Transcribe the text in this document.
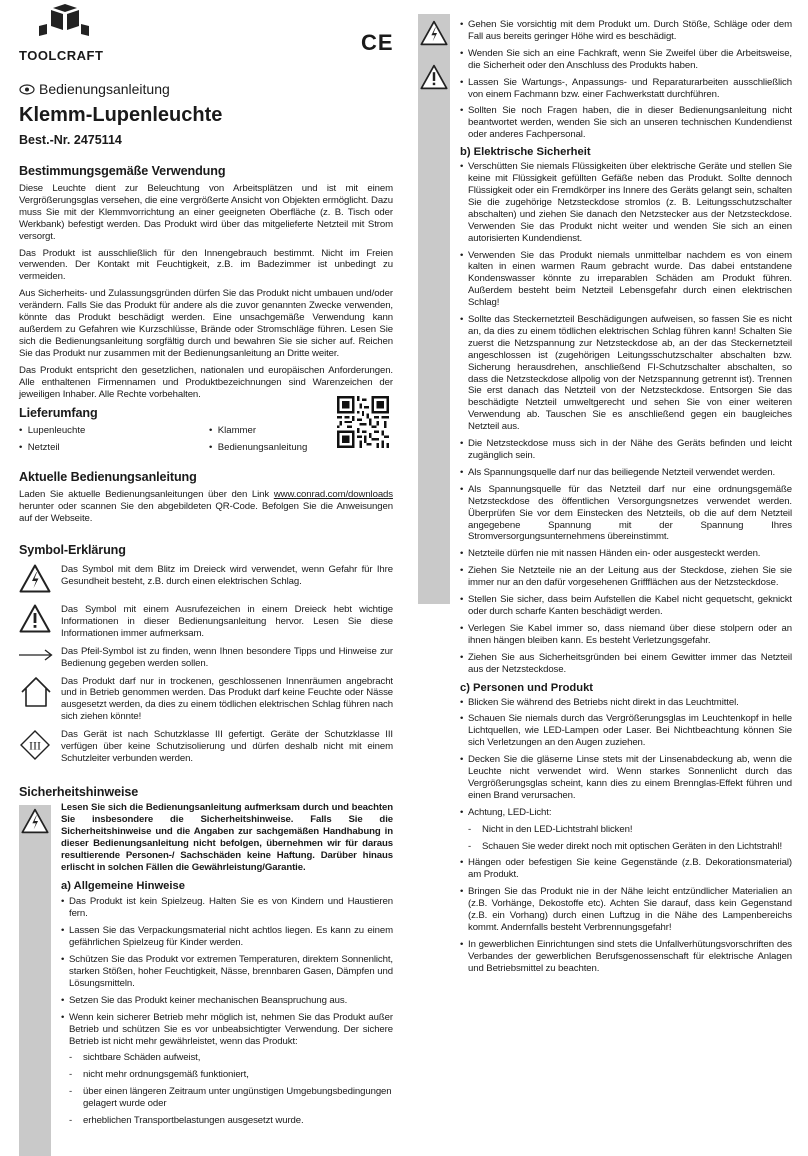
TOOLCRAFT
Bedienungsanleitung
Klemm-Lupenleuchte
Best.-Nr. 2475114
Bestimmungsgemäße Verwendung

Diese Leuchte dient zur Beleuchtung von Arbeitsplätzen und ist mit einem Vergrößerungsglas versehen, die eine vergrößerte Ansicht von Objekten ermöglicht. Dazu muss Sie mit der Klemmvorrichtung an einer geeigneten Oberfläche (z. B. Tisch oder Werkbank) befestigt werden. Das Produkt wird über das mitgelieferte Netzteil mit Strom versorgt.

Das Produkt ist ausschließlich für den Innengebrauch bestimmt. Nicht im Freien verwenden. Der Kontakt mit Feuchtigkeit, z.B. im Badezimmer ist unbedingt zu vermeiden.

Aus Sicherheits- und Zulassungsgründen dürfen Sie das Produkt nicht umbauen und/oder verändern. Falls Sie das Produkt für andere als die zuvor genannten Zwecke verwenden, könnte das Produkt beschädigt werden. Eine unsachgemäße Verwendung kann außerdem zu Gefahren wie Kurzschlüsse, Brände oder Stromschläge führen. Lesen Sie sich die Bedienungsanleitung sorgfältig durch und bewahren Sie sie sicher auf. Reichen Sie das Produkt nur zusammen mit der Bedienungsanleitung an Dritte weiter.

Das Produkt entspricht den gesetzlichen, nationalen und europäischen Anforderungen. Alle enthaltenen Firmennamen und Produktbezeichnungen sind Warenzeichen der jeweiligen Inhaber. Alle Rechte vorbehalten.

Lieferumfang
•  Lupenleuchte	•  Klammer
•  Netzteil	•  Bedienungsanleitung
Aktuelle Bedienungsanleitung

Laden Sie aktuelle Bedienungsanleitungen über den Link www.conrad.com/downloads herunter oder scannen Sie den abgebildeten QR-Code. Befolgen Sie die Anweisungen auf der Webseite.

Symbol-Erklärung
Das Symbol mit dem Blitz im Dreieck wird verwendet, wenn Gefahr für Ihre Gesundheit besteht, z.B. durch einen elektrischen Schlag.
Das Symbol mit einem Ausrufezeichen in einem Dreieck hebt wichtige Informationen in dieser Bedienungsanleitung hervor. Lesen Sie diese Informationen immer aufmerksam.
Das Pfeil-Symbol ist zu finden, wenn Ihnen besondere Tipps und Hinweise zur Bedienung gegeben werden sollen.
Das Produkt darf nur in trockenen, geschlossenen Innenräumen angebracht und in Betrieb genommen werden. Das Produkt darf keine Feuchte oder Nässe ausgesetzt werden, da dies zu einem tödlichen elektrischen Schlag führen nach sich ziehen könnte!
III
Das Gerät ist nach Schutzklasse III gefertigt. Geräte der Schutzklasse III verfügen über keine Schutzisolierung und dürfen deshalb nicht mit einem Schutzleiter verbunden werden.
Sicherheitshinweise

Lesen Sie sich die Bedienungsanleitung aufmerksam durch und beachten Sie insbesondere die Sicherheitshinweise. Falls Sie die Sicherheitshinweise und die Angaben zur sachgemäßen Handhabung in dieser Bedienungsanleitung nicht befolgen, übernehmen wir für daraus resultierende Personen-/ Sachschäden keine Haftung. Darüber hinaus erlischt in solchen Fällen die Gewährleistung/Garantie.

a) Allgemeine Hinweise
• Das Produkt ist kein Spielzeug. Halten Sie es von Kindern und Haustieren fern.
• Lassen Sie das Verpackungsmaterial nicht achtlos liegen. Es kann zu einem gefährlichen Spielzeug für Kinder werden.
• Schützen Sie das Produkt vor extremen Temperaturen, direktem Sonnenlicht, starken Stößen, hoher Feuchtigkeit, Nässe, brennbaren Gasen, Dämpfen und Lösungsmitteln.
• Setzen Sie das Produkt keiner mechanischen Beanspruchung aus.
• Wenn kein sicherer Betrieb mehr möglich ist, nehmen Sie das Produkt außer Betrieb und schützen Sie es vor unbeabsichtigter Verwendung. Der sichere Betrieb ist nicht mehr gewährleistet, wenn das Produkt:
- sichtbare Schäden aufweist,
- nicht mehr ordnungsgemäß funktioniert,
- über einen längeren Zeitraum unter ungünstigen Umgebungsbedingungen gelagert wurde oder
- erheblichen Transportbelastungen ausgesetzt wurde.
• Gehen Sie vorsichtig mit dem Produkt um. Durch Stöße, Schläge oder dem Fall aus bereits geringer Höhe wird es beschädigt.
• Wenden Sie sich an eine Fachkraft, wenn Sie Zweifel über die Arbeitsweise, die Sicherheit oder den Anschluss des Produkts haben.
• Lassen Sie Wartungs-, Anpassungs- und Reparaturarbeiten ausschließlich von einem Fachmann bzw. einer Fachwerkstatt durchführen.
• Sollten Sie noch Fragen haben, die in dieser Bedienungsanleitung nicht beantwortet werden, wenden Sie sich an unseren technischen Kundendienst oder anderes Fachpersonal.
b) Elektrische Sicherheit
• Verschütten Sie niemals Flüssigkeiten über elektrische Geräte und stellen Sie keine mit Flüssigkeit gefüllten Gefäße neben das Produkt. Sollte dennoch Flüssigkeit oder ein Fremdkörper ins Innere des Geräts gelangt sein, schalten Sie die zugehörige Netzsteckdose stromlos (z. B. Leitungsschutzschalter abschalten) und ziehen Sie danach den Netzstecker aus der Netzsteckdose. Verwenden Sie das Produkt nicht weiter und wenden Sie sich an einen autorisierten Kundendienst.
• Verwenden Sie das Produkt niemals unmittelbar nachdem es von einem kalten in einen warmen Raum gebracht wurde. Das dabei entstandene Kondenswasser könnte zu irreparablen Schäden am Produkt führen. Außerdem besteht beim Netzteil Lebensgefahr durch einen elektrischen Schlag!
• Sollte das Steckernetzteil Beschädigungen aufweisen, so fassen Sie es nicht an, da dies zu einem tödlichen elektrischen Schlag führen kann! Schalten Sie zuerst die Netzspannung zur Netzsteckdose ab, an der das Steckernetzteil angeschlossen ist (zugehörigen Leitungsschutzschalter abschalten bzw. Sicherung herausdrehen, anschließend FI-Schutzschalter abschalten, so dass die Netzsteckdose allpolig von der Netzspannung getrennt ist). Trennen Sie erst danach das Netzteil von der Netzsteckdose. Entsorgen Sie das beschädigte Netzteil umweltgerecht und sehen Sie von einer weiteren Verwendung ab. Tauschen Sie es anschließend gegen ein baugleiches Netzteil aus.
• Die Netzsteckdose muss sich in der Nähe des Geräts befinden und leicht zugänglich sein.
• Als Spannungsquelle darf nur das beiliegende Netzteil verwendet werden.
• Als Spannungsquelle für das Netzteil darf nur eine ordnungsgemäße Netzsteckdose des öffentlichen Versorgungsnetzes verwendet werden. Überprüfen Sie vor dem Einstecken des Netzteils, ob die auf dem Netzteil angegebene Spannung mit der Spannung Ihres Stromversorgungsunternehmens übereinstimmt.
• Netzteile dürfen nie mit nassen Händen ein- oder ausgesteckt werden.
• Ziehen Sie Netzteile nie an der Leitung aus der Steckdose, ziehen Sie sie immer nur an den dafür vorgesehenen Griffflächen aus der Netzsteckdose.
• Stellen Sie sicher, dass beim Aufstellen die Kabel nicht gequetscht, geknickt oder durch scharfe Kanten beschädigt werden.
• Verlegen Sie Kabel immer so, dass niemand über diese stolpern oder an ihnen hängen bleiben kann. Es besteht Verletzungsgefahr.
• Ziehen Sie aus Sicherheitsgründen bei einem Gewitter immer das Netzteil aus der Netzsteckdose.
c) Personen und Produkt
• Blicken Sie während des Betriebs nicht direkt in das Leuchtmittel.
• Schauen Sie niemals durch das Vergrößerungsglas im Leuchtenkopf in helle Lichtquellen, wie LED-Lampen oder Laser. Bei Nichtbeachtung können Sie sich Verletzungen an den Augen zuziehen.
• Decken Sie die gläserne Linse stets mit der Linsenabdeckung ab, wenn die Leuchte nicht verwendet wird. Wenn starkes Sonnenlicht durch das Vergrößerungsglas scheint, kann dies zu einem Brennglas-Effekt führen und einen Brand verursachen.
• Achtung, LED-Licht:
- Nicht in den LED-Lichtstrahl blicken!
- Schauen Sie weder direkt noch mit optischen Geräten in den Lichtstrahl!
• Hängen oder befestigen Sie keine Gegenstände (z.B. Dekorationsmaterial) am Produkt.
• Bringen Sie das Produkt nie in der Nähe leicht entzündlicher Materialien an (z.B. Vorhänge, Dekostoffe etc). Achten Sie darauf, dass kein Gegenstand (z.B. ein Vorhang) durch einen Luftzug in die Nähe des Lampenbereichs kommt. Andernfalls besteht Verbrennungsgefahr!
• In gewerblichen Einrichtungen sind stets die Unfallverhütungsvorschriften des Verbandes der gewerblichen Berufsgenossenschaft für elektrische Anlagen und Betriebsmittel zu beachten.
CE
